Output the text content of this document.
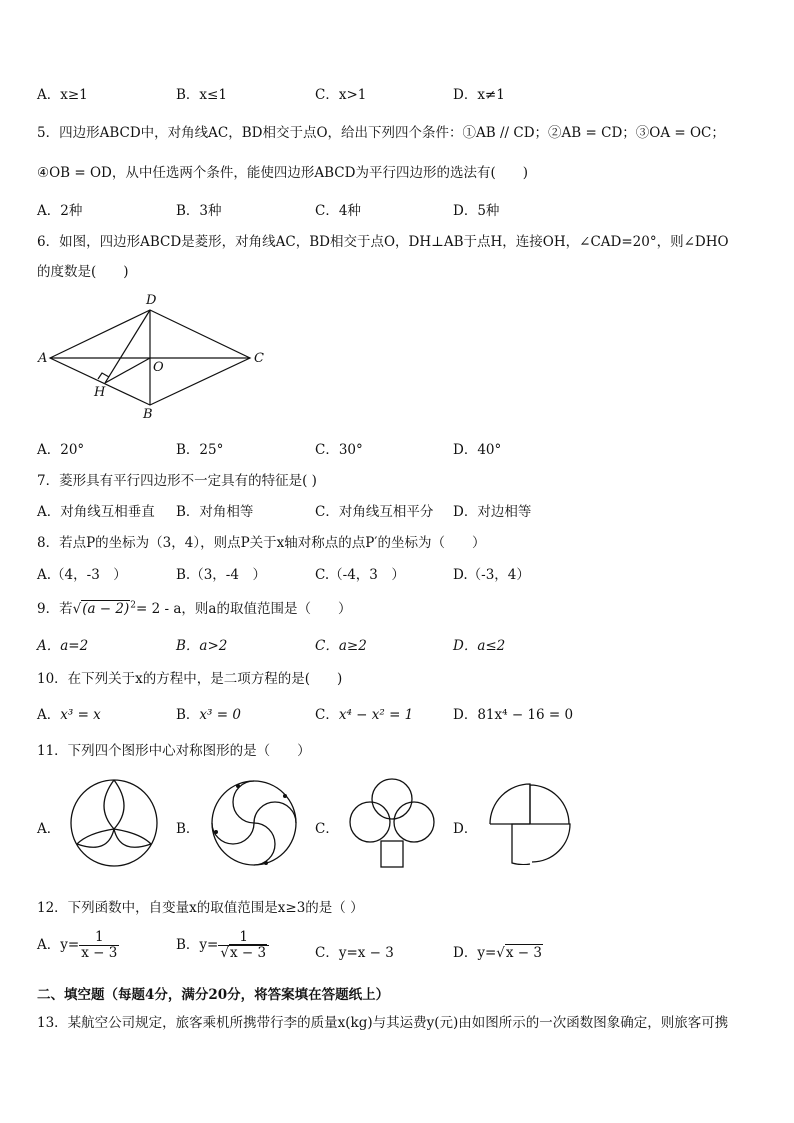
A．x≥1	B．x≤1	C．x>1	D．x≠1
5．四边形ABCD中，对角线AC，BD相交于点O，给出下列四个条件：①AB // CD；②AB = CD；③OA = OC；
④OB = OD，从中任选两个条件，能使四边形ABCD为平行四边形的选法有(　　)
A．2种	B．3种	C．4种	D．5种
6．如图，四边形ABCD是菱形，对角线AC，BD相交于点O，DH⊥AB于点H，连接OH，∠CAD=20°，则∠DHO
的度数是(　　)
A
D
C
B
O
H
A．20°	B．25°	C．30°	D．40°
7．菱形具有平行四边形不一定具有的特征是( )
A．对角线互相垂直 B．对角相等	C．对角线互相平分 D．对边相等
8．若点P的坐标为（3，4），则点P关于x轴对称点的点P′的坐标为（　　）
A.（4，-3　）	B.（3，-4　）	C.（-4，3　）	D.（-3，4）
9．若$√(a - 2)^2= 2 - a$，则a的取值范围是（　　）
A．a=2	B．a>2	C．a≥2	D．a≤2
10．在下列关于x的方程中，是二项方程的是(　　)
A．x³ = x	B．x³ = 0	C．x⁴ − x² = 1	D．81x⁴ − 16 = 0
11．下列四个图形中心对称图形的是（　　）
A．	B．	C．	D．
12．下列函数中，自变量x的取值范围是x≥3的是（ ）
A．$y= \frac{1}{x - 3}$	B．$y= \frac{1}{√x - 3}$	C．y=x − 3	D．y=√x − 3
二、填空题（每题4分，满分20分，将答案填在答题纸上）
13．某航空公司规定，旅客乘机所携带行李的质量x(kg)与其运费y(元)由如图所示的一次函数图象确定，则旅客可携
